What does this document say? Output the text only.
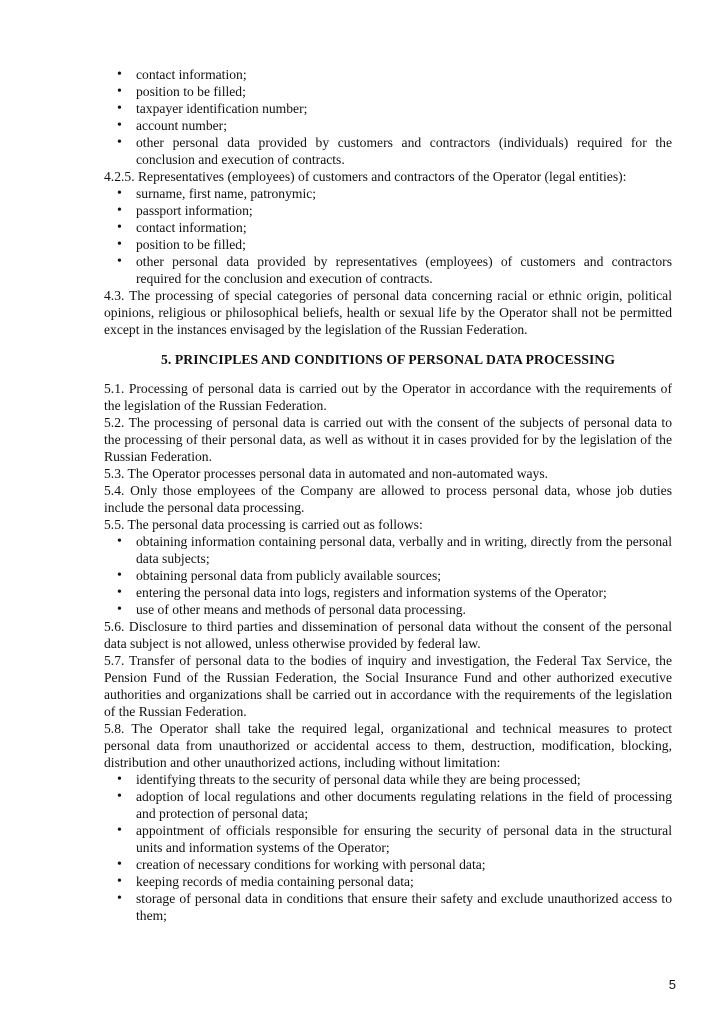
• contact information;
• position to be filled;
• taxpayer identification number;
• account number;
• other personal data provided by customers and contractors (individuals) required for the conclusion and execution of contracts.

4.2.5. Representatives (employees) of customers and contractors of the Operator (legal entities):

• surname, first name, patronymic;
• passport information;
• contact information;
• position to be filled;
• other personal data provided by representatives (employees) of customers and contractors required for the conclusion and execution of contracts.

4.3. The processing of special categories of personal data concerning racial or ethnic origin, political opinions, religious or philosophical beliefs, health or sexual life by the Operator shall not be permitted except in the instances envisaged by the legislation of the Russian Federation.

5. PRINCIPLES AND CONDITIONS OF PERSONAL DATA PROCESSING

5.1. Processing of personal data is carried out by the Operator in accordance with the requirements of the legislation of the Russian Federation.

5.2. The processing of personal data is carried out with the consent of the subjects of personal data to the processing of their personal data, as well as without it in cases provided for by the legislation of the Russian Federation.

5.3. The Operator processes personal data in automated and non-automated ways.

5.4. Only those employees of the Company are allowed to process personal data, whose job duties include the personal data processing.

5.5. The personal data processing is carried out as follows:

• obtaining information containing personal data, verbally and in writing, directly from the personal data subjects;
• obtaining personal data from publicly available sources;
• entering the personal data into logs, registers and information systems of the Operator;
• use of other means and methods of personal data processing.

5.6. Disclosure to third parties and dissemination of personal data without the consent of the personal data subject is not allowed, unless otherwise provided by federal law.

5.7. Transfer of personal data to the bodies of inquiry and investigation, the Federal Tax Service, the Pension Fund of the Russian Federation, the Social Insurance Fund and other authorized executive authorities and organizations shall be carried out in accordance with the requirements of the legislation of the Russian Federation.

5.8. The Operator shall take the required legal, organizational and technical measures to protect personal data from unauthorized or accidental access to them, destruction, modification, blocking, distribution and other unauthorized actions, including without limitation:

• identifying threats to the security of personal data while they are being processed;
• adoption of local regulations and other documents regulating relations in the field of processing and protection of personal data;
• appointment of officials responsible for ensuring the security of personal data in the structural units and information systems of the Operator;
• creation of necessary conditions for working with personal data;
• keeping records of media containing personal data;
• storage of personal data in conditions that ensure their safety and exclude unauthorized access to them;
5
